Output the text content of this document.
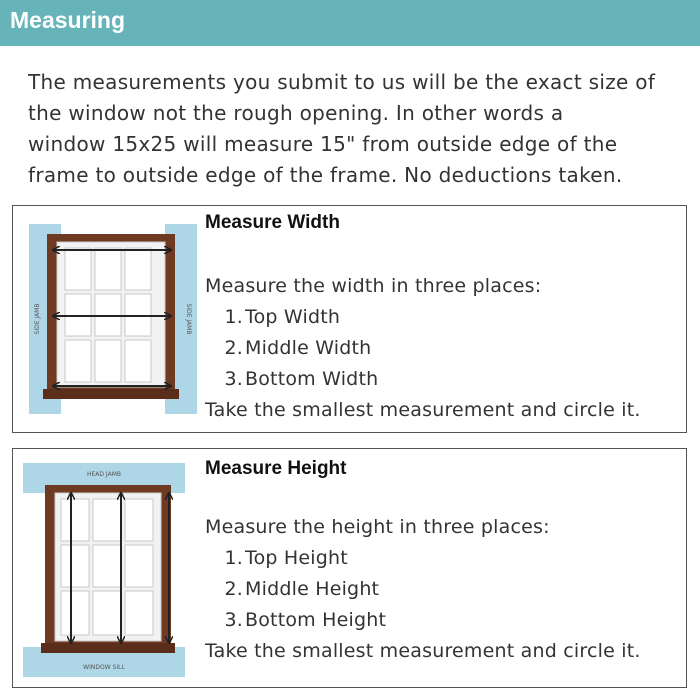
Measuring

The measurements you submit to us will be the exact size of
the window not the rough opening. In other words a
window 15x25 will measure 15" from outside edge of the
frame to outside edge of the frame. No deductions taken.

SIDE JAMB	SIDE JAMB
Measure Width
Measure the width in three places:
1. Top Width
2. Middle Width
3. Bottom Width
Take the smallest measurement and circle it.
HEAD JAMB
WINDOW SILL
Measure Height
Measure the height in three places:
1. Top Height
2. Middle Height
3. Bottom Height
Take the smallest measurement and circle it.
